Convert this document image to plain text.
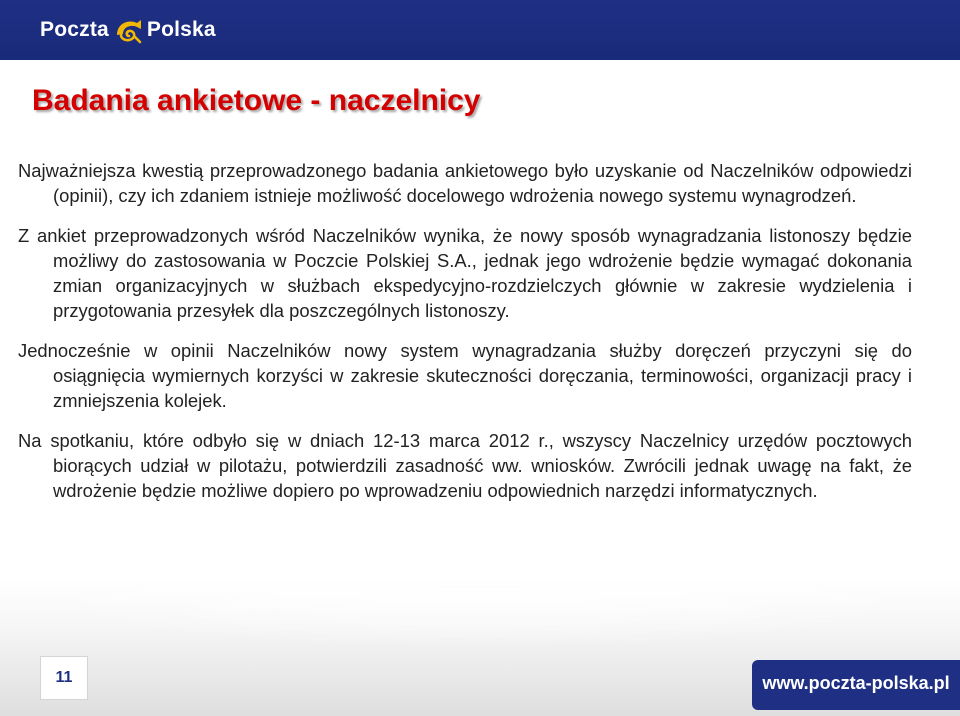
Poczta Polska
Badania ankietowe - naczelnicy

Najważniejsza kwestią przeprowadzonego badania ankietowego było uzyskanie od Naczelników odpowiedzi (opinii), czy ich zdaniem istnieje możliwość docelowego wdrożenia nowego systemu wynagrodzeń.

Z ankiet przeprowadzonych wśród Naczelników wynika, że nowy sposób wynagradzania listonoszy będzie możliwy do zastosowania w Poczcie Polskiej S.A., jednak jego wdrożenie będzie wymagać dokonania zmian organizacyjnych w służbach ekspedycyjno-rozdzielczych głównie w zakresie wydzielenia i przygotowania przesyłek dla poszczególnych listonoszy.

Jednocześnie w opinii Naczelników nowy system wynagradzania służby doręczeń przyczyni się do osiągnięcia wymiernych korzyści w zakresie skuteczności doręczania, terminowości, organizacji pracy i zmniejszenia kolejek.

Na spotkaniu, które odbyło się w dniach 12-13 marca 2012 r., wszyscy Naczelnicy urzędów pocztowych biorących udział w pilotażu, potwierdzili zasadność ww. wniosków. Zwrócili jednak uwagę na fakt, że wdrożenie będzie możliwe dopiero po wprowadzeniu odpowiednich narzędzi informatycznych.

11	www.poczta-polska.pl
